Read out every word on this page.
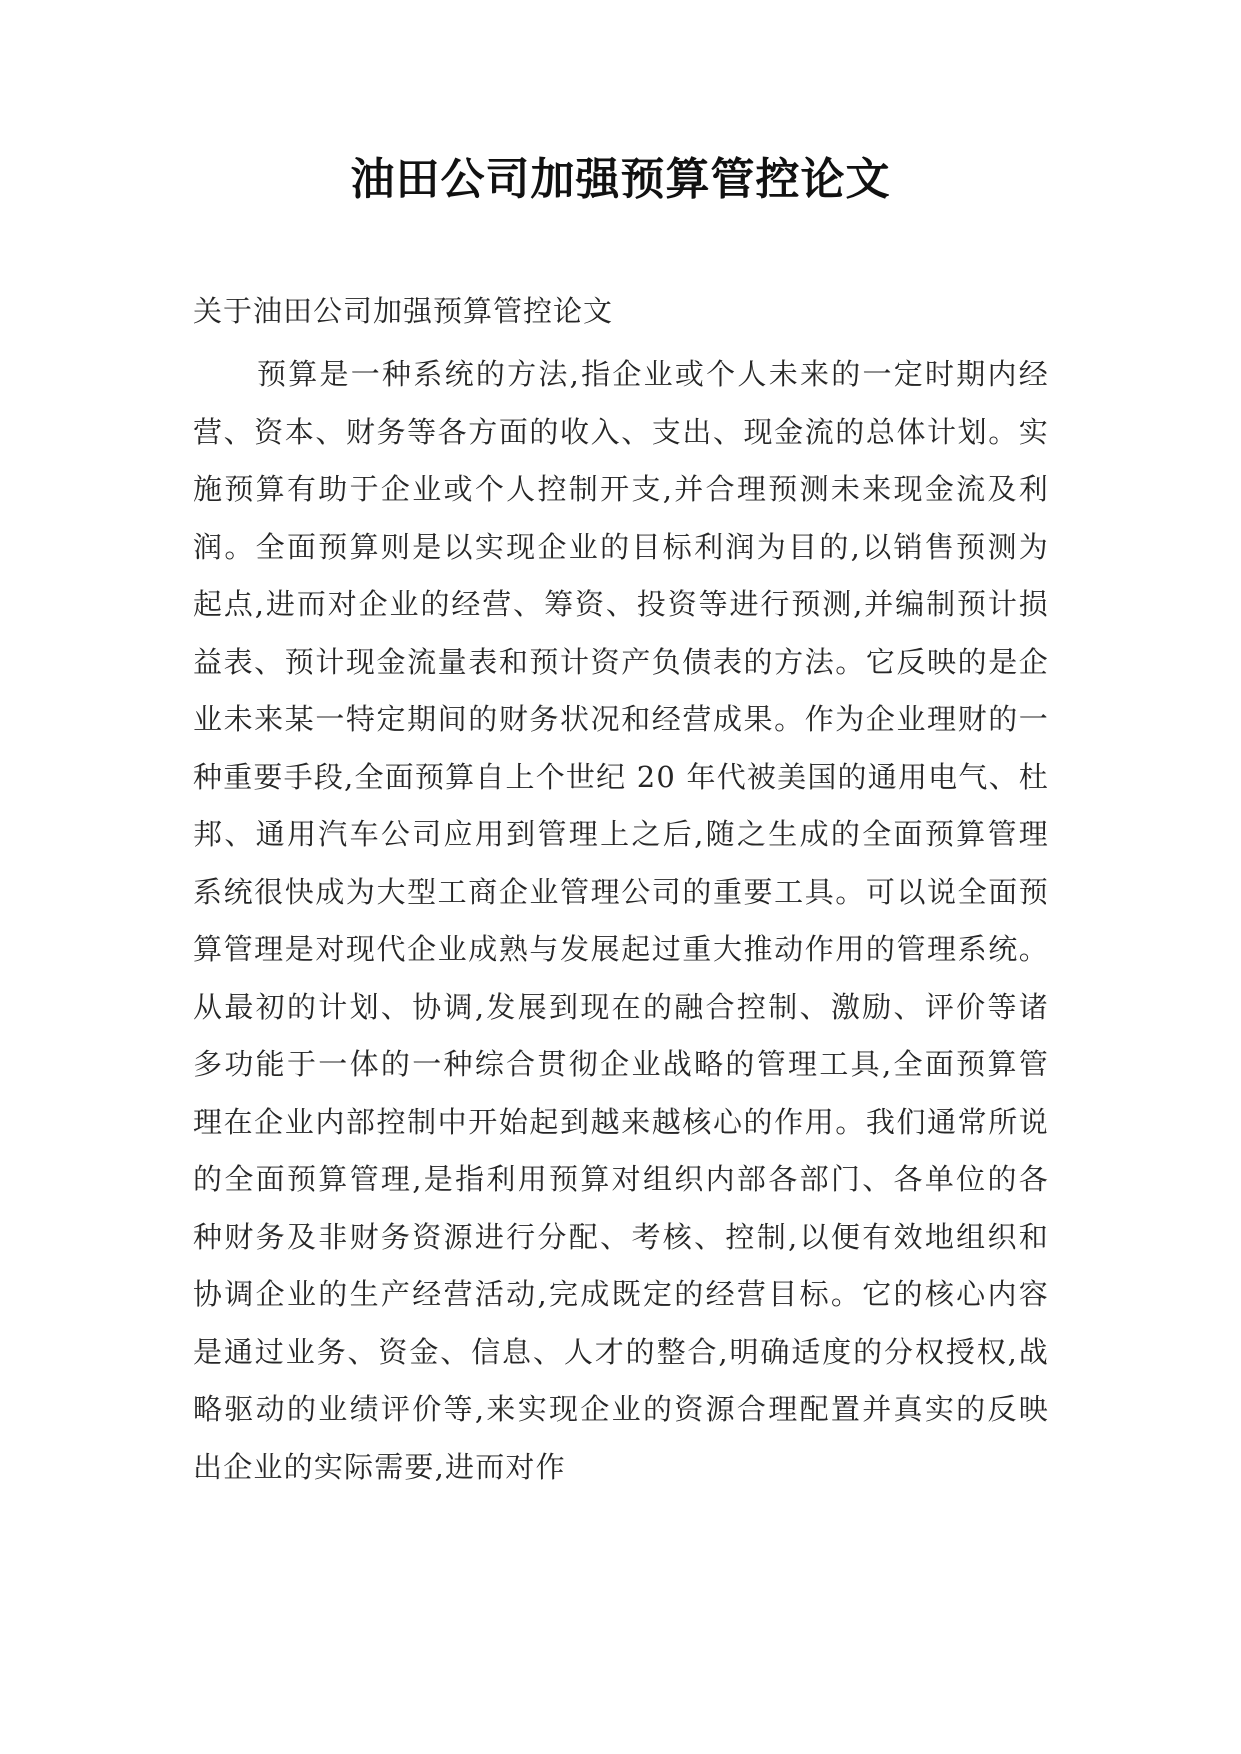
油田公司加强预算管控论文

关于油田公司加强预算管控论文

预算是一种系统的方法,指企业或个人未来的一定时期内经营、资本、财务等各方面的收入、支出、现金流的总体计划。实施预算有助于企业或个人控制开支,并合理预测未来现金流及利润。全面预算则是以实现企业的目标利润为目的,以销售预测为起点,进而对企业的经营、筹资、投资等进行预测,并编制预计损益表、预计现金流量表和预计资产负债表的方法。它反映的是企业未来某一特定期间的财务状况和经营成果。作为企业理财的一种重要手段,全面预算自上个世纪 20 年代被美国的通用电气、杜邦、通用汽车公司应用到管理上之后,随之生成的全面预算管理系统很快成为大型工商企业管理公司的重要工具。可以说全面预算管理是对现代企业成熟与发展起过重大推动作用的管理系统。从最初的计划、协调,发展到现在的融合控制、激励、评价等诸多功能于一体的一种综合贯彻企业战略的管理工具,全面预算管理在企业内部控制中开始起到越来越核心的作用。我们通常所说的全面预算管理,是指利用预算对组织内部各部门、各单位的各种财务及非财务资源进行分配、考核、控制,以便有效地组织和协调企业的生产经营活动,完成既定的经营目标。它的核心内容是通过业务、资金、信息、人才的整合,明确适度的分权授权,战略驱动的业绩评价等,来实现企业的资源合理配置并真实的反映出企业的实际需要,进而对作
